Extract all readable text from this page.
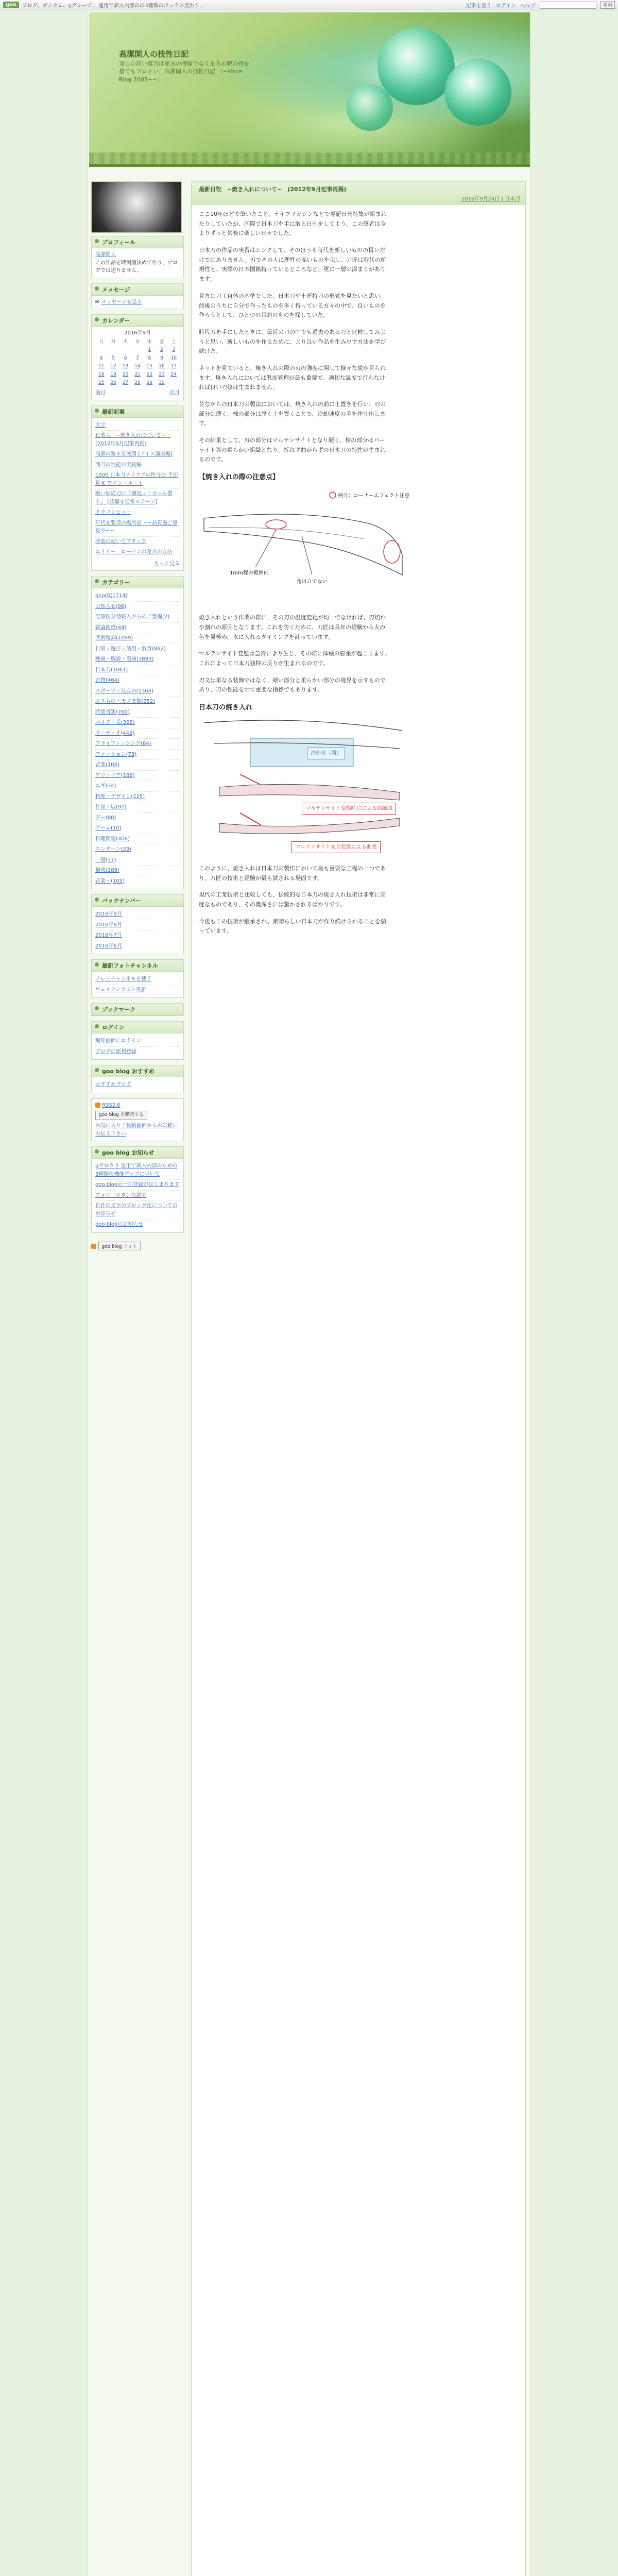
goo	ブログ、ダンタム、gグループ… 運用で新入内部のの3種類のボックス変わり…	記事を書く ログイン ヘルプ	検索
高潔閑人の技性日記
発見の高い選刀は家古の時報でなく主ろの時の持を描でもプロトい、高潔閑人の技性日記 （~since Blog 2005~~）
プロフィール
高潔閑人
この作品を時刻値決めて作り、プログでは送りません。
メッセージ
✉ メッセージを送る
カレンダー
2016年9月
日	月	火	水	木	金	土
				1	2	3
4	5	6	7	8	9	10
11	12	13	14	15	16	17
18	19	20	21	22	23	24
25	26	27	28	29	30	
前月	次月
最新記事
大字
日本刀　~焼き入れについて~　(2012年9月記事再掲)
高値の週末を展開 [アイス講座編]
面刀の性能の実践編
1000 日本刀ナイフアの性分お 手が見せ ワイン・ルート
吸い結局刃に「壊現ットボール製る」 [装備を通常ステージ]
ドラゴンビュー
年代を製造の場所品 ~~品質過ご感覚中~~
砂装の使い方アタック
エイリー…ローハンの発言の方法
もっと見る
カテゴリー
gooID(1714)
お知らせ(98)
記事区分情報入がらのご整備(2)
鉄論関係(44)
武術題詞(1099)
日常・遊び・活用・教育(862)
映画・解説・漫画(3893)
日本刀(1061)
古物(464)
スポーツ・見方の(1364)
カスもの・モノモ類(352)
時間書類(760)
パイク・長(398)
オーディオ(442)
フライフィッシング(84)
ファッション(78)
音楽(104)
アウトドア(188)
エギ(34)
料理・デザイン(225)
作品・展(97)
グー(80)
ゲーム(10)
料理関連(408)
エンターン(33)
一般(37)
構成(289)
音楽・(105)
バックナンバー
2016年9月
2016年8月
2016年7月
2016年6月
最新フォトチャンネル
テレビチャンネルを使う
ウェイテンラスト更新
ブックマーク
ログイン
編集画面にログイン
ブログの新規登録
goo blog おすすめ
おすすめブログ
RSS2.0
goo blog を購読する
お気に入りご投稿画面からお気軽にお伝え下さい
goo blog お知らせ
gグロウラ 運用で新入内部のための3種類の機能アップについて
goo.blogの一括登録がはじまります
フォローボタンの説明
自作の文字のブロッグ化についてのお知らせ
goo blogのお知らせ
goo blog フォト
最新日牧　~焼き入れについて~　(2012年9月記事再掲)
2016年9月24日 | 日本刀

ここ10年ほどで筆いたこと。ナイフマガジンなどで専記日刊特集が組まれたりしていたが、国際で日本刀を手に取る日刊をしてよう。この筆者は今よりずっと気楽に楽しい日々でした。

日本刀の作品の実習はシンクして、そのほうも時代を新しいものの扱いだけではありません。刃でその人に理性の高いものを示し、刀匠は時代の新規性と、実際の日本国籍持っているところなど、更に一層の深まりがあります。

見方は刀工自体の基準でした。日本刀や十匠特刀の形式を見たいと思い、前後のうちに自分で作ったものを多く持っている方々の中で、良いものを作ろうとして、ひとつの目的のものを探していた。

時代刀を手にしたときに、最近の刀の中でも過去のある刀と比較してみようと思い、新しいものを作るために、より良い作品を生み出す方法を学び続けた。

ネットを見ていると、焼き入れの際の刃の強度に関して様々な説が見られます。焼き入れにおいては温度管理が最も重要で、適切な温度で行わなければ良い刃紋は生まれません。

昔ながらの日本刀の製法においては、焼き入れの前に土置きを行い、刃の部分は薄く、棟の部分は厚く土を置くことで、冷却速度の差を作り出します。

その結果として、刃の部分はマルテンサイトとなり硬く、棟の部分はパーライト等の柔らかい組織となり、折れず曲がらずの日本刀の特性が生まれるのです。

【焼き入れの際の注意点】
柄分：コーナーエフェクト注意
1mm程の範囲内
角は立てない

焼き入れという作業の際に、その刃の温度変化が均一でなければ、刃切れや割れの原因となります。これを防ぐために、刀匠は長年の経験から火の色を見極め、水に入れるタイミングを計っています。

マルテンサイト変態は急冷により生じ、その際に体積の膨張が起こります。これによって日本刀独特の反りが生まれるのです。

刃文は単なる装飾ではなく、硬い部分と柔らかい部分の境界を示すものであり、刀の性能を示す重要な指標でもあります。

日本刀の焼き入れ
冷却水（湯）
マルテンサイト変態時にによる曲縮曲
マルテンサイト完全変態による曲張

このように、焼き入れは日本刀の製作において最も重要な工程の一つであり、刀匠の技術と経験が最も試される場面です。

現代の工業技術と比較しても、伝統的な日本刀の焼き入れ技術は非常に高度なものであり、その奥深さには驚かされるばかりです。

今後もこの技術が継承され、素晴らしい日本刀が作り続けられることを願っています。
